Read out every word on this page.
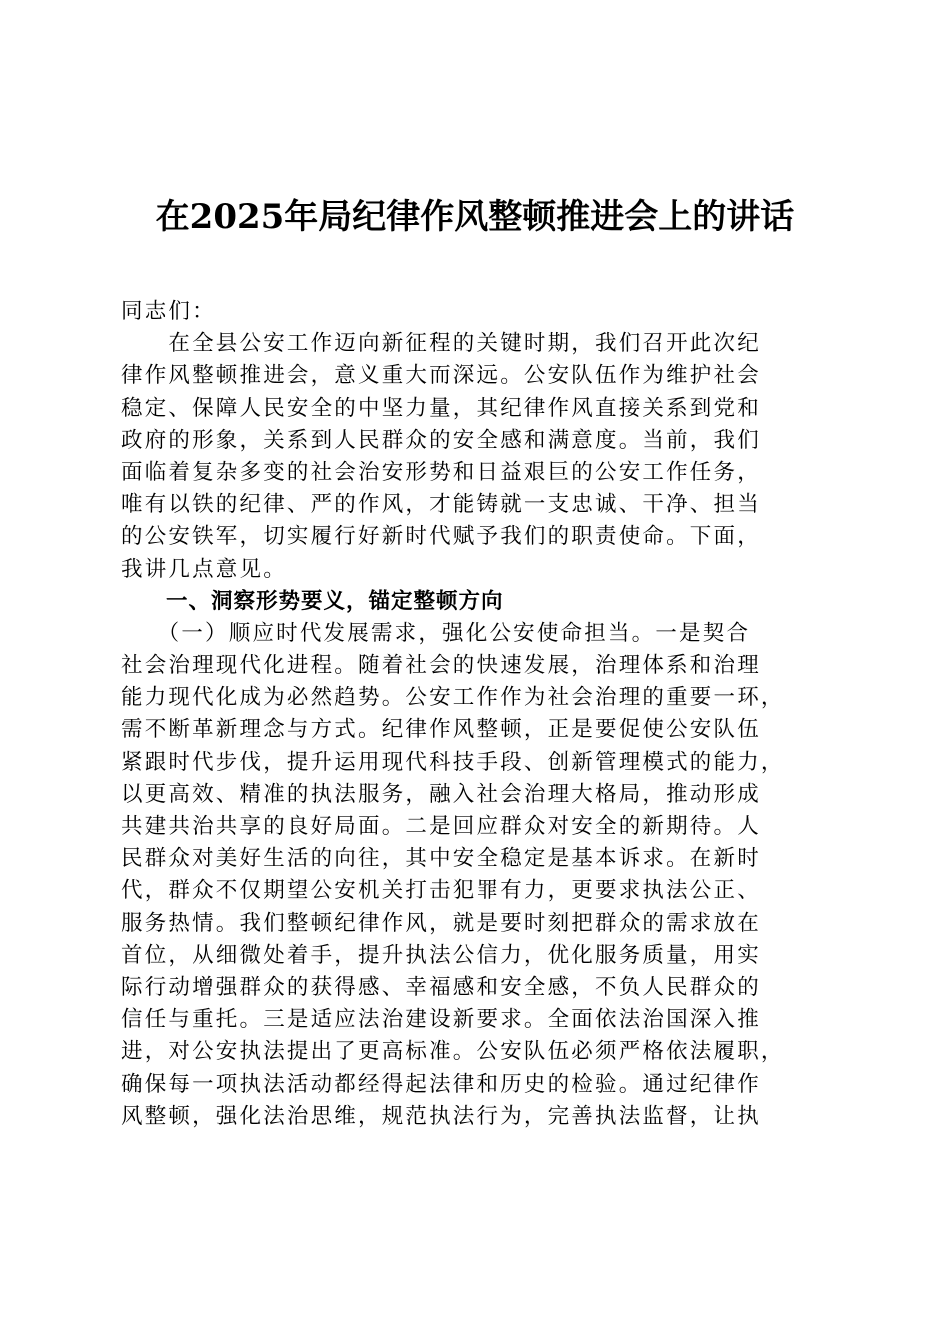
在2025年局纪律作风整顿推进会上的讲话
同志们：
　　在全县公安工作迈向新征程的关键时期，我们召开此次纪
律作风整顿推进会，意义重大而深远。公安队伍作为维护社会
稳定、保障人民安全的中坚力量，其纪律作风直接关系到党和
政府的形象，关系到人民群众的安全感和满意度。当前，我们
面临着复杂多变的社会治安形势和日益艰巨的公安工作任务，
唯有以铁的纪律、严的作风，才能铸就一支忠诚、干净、担当
的公安铁军，切实履行好新时代赋予我们的职责使命。下面，
我讲几点意见。
　　一、洞察形势要义，锚定整顿方向
　　（一）顺应时代发展需求，强化公安使命担当。一是契合
社会治理现代化进程。随着社会的快速发展，治理体系和治理
能力现代化成为必然趋势。公安工作作为社会治理的重要一环，
需不断革新理念与方式。纪律作风整顿，正是要促使公安队伍
紧跟时代步伐，提升运用现代科技手段、创新管理模式的能力，
以更高效、精准的执法服务，融入社会治理大格局，推动形成
共建共治共享的良好局面。二是回应群众对安全的新期待。人
民群众对美好生活的向往，其中安全稳定是基本诉求。在新时
代，群众不仅期望公安机关打击犯罪有力，更要求执法公正、
服务热情。我们整顿纪律作风，就是要时刻把群众的需求放在
首位，从细微处着手，提升执法公信力，优化服务质量，用实
际行动增强群众的获得感、幸福感和安全感，不负人民群众的
信任与重托。三是适应法治建设新要求。全面依法治国深入推
进，对公安执法提出了更高标准。公安队伍必须严格依法履职，
确保每一项执法活动都经得起法律和历史的检验。通过纪律作
风整顿，强化法治思维，规范执法行为，完善执法监督，让执
